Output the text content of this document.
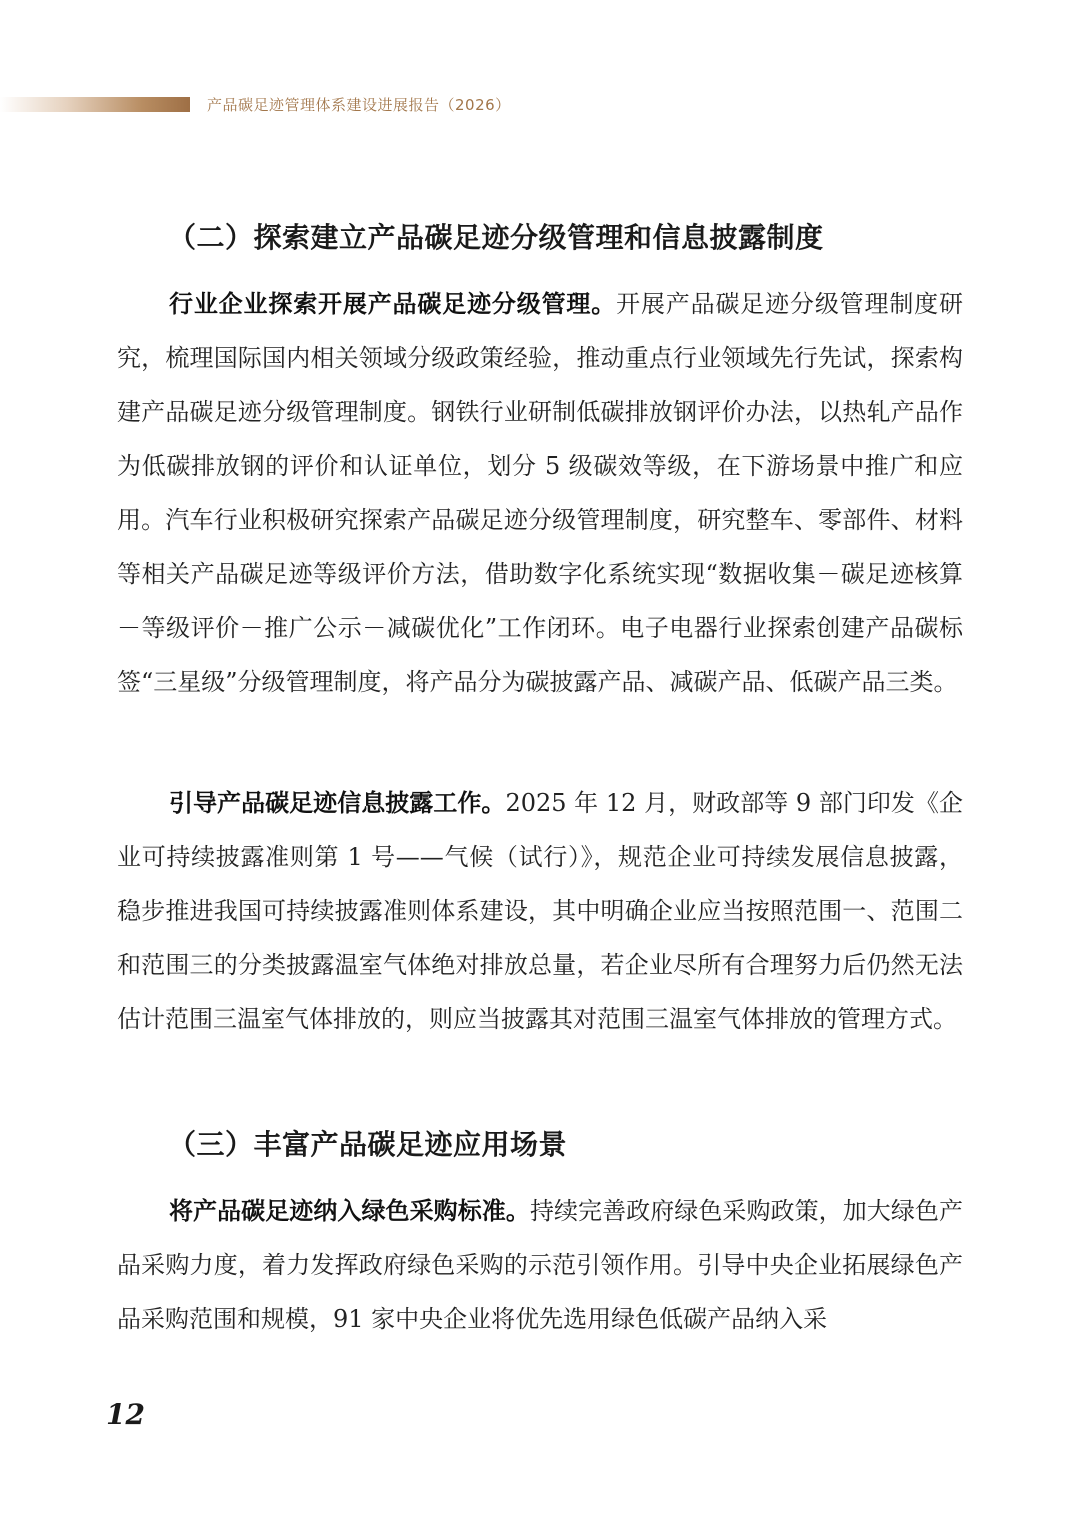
产品碳足迹管理体系建设进展报告（2026）
（二）探索建立产品碳足迹分级管理和信息披露制度

行业企业探索开展产品碳足迹分级管理。开展产品碳足迹分级管理制度研究，梳理国际国内相关领域分级政策经验，推动重点行业领域先行先试，探索构建产品碳足迹分级管理制度。钢铁行业研制低碳排放钢评价办法，以热轧产品作为低碳排放钢的评价和认证单位，划分 5 级碳效等级，在下游场景中推广和应用。汽车行业积极研究探索产品碳足迹分级管理制度，研究整车、零部件、材料等相关产品碳足迹等级评价方法，借助数字化系统实现“数据收集－碳足迹核算－等级评价－推广公示－减碳优化”工作闭环。电子电器行业探索创建产品碳标签“三星级”分级管理制度，将产品分为碳披露产品、减碳产品、低碳产品三类。

引导产品碳足迹信息披露工作。2025 年 12 月，财政部等 9 部门印发《企业可持续披露准则第 1 号——气候（试行）》，规范企业可持续发展信息披露，稳步推进我国可持续披露准则体系建设，其中明确企业应当按照范围一、范围二和范围三的分类披露温室气体绝对排放总量，若企业尽所有合理努力后仍然无法估计范围三温室气体排放的，则应当披露其对范围三温室气体排放的管理方式。

（三）丰富产品碳足迹应用场景

将产品碳足迹纳入绿色采购标准。持续完善政府绿色采购政策，加大绿色产品采购力度，着力发挥政府绿色采购的示范引领作用。引导中央企业拓展绿色产品采购范围和规模，91 家中央企业将优先选用绿色低碳产品纳入采

12
